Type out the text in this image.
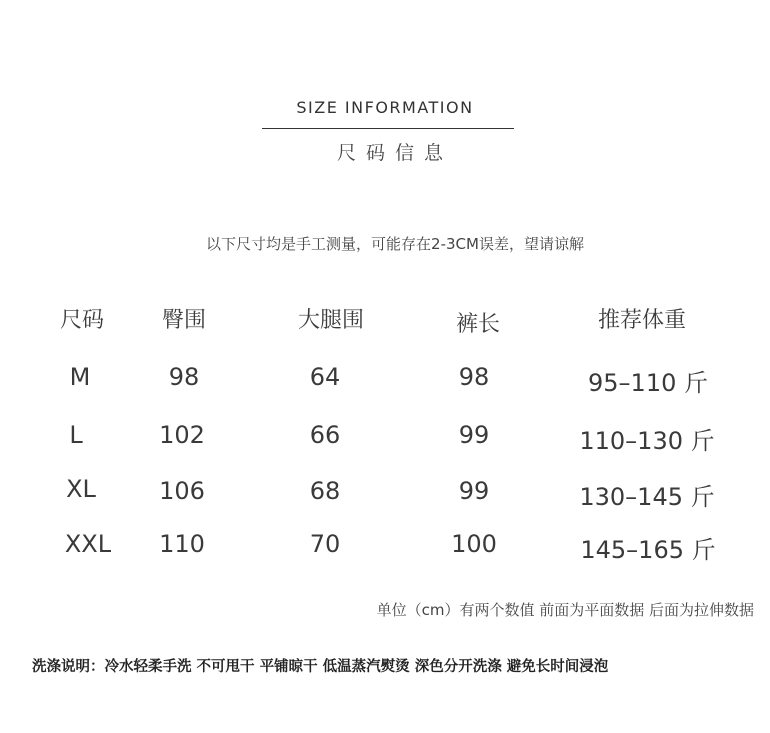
SIZE INFORMATION
尺码信息
以下尺寸均是手工测量，可能存在2-3CM误差，望请谅解
尺码	臀围	大腿围	裤长	推荐体重
M	98	64	98	95–110 斤
L	102	66	99	110–130 斤
XL	106	68	99	130–145 斤
XXL 110	70	100	145–165 斤
单位（cm）有两个数值 前面为平面数据 后面为拉伸数据
洗涤说明：冷水轻柔手洗 不可甩干 平铺晾干 低温蒸汽熨烫 深色分开洗涤 避免长时间浸泡
